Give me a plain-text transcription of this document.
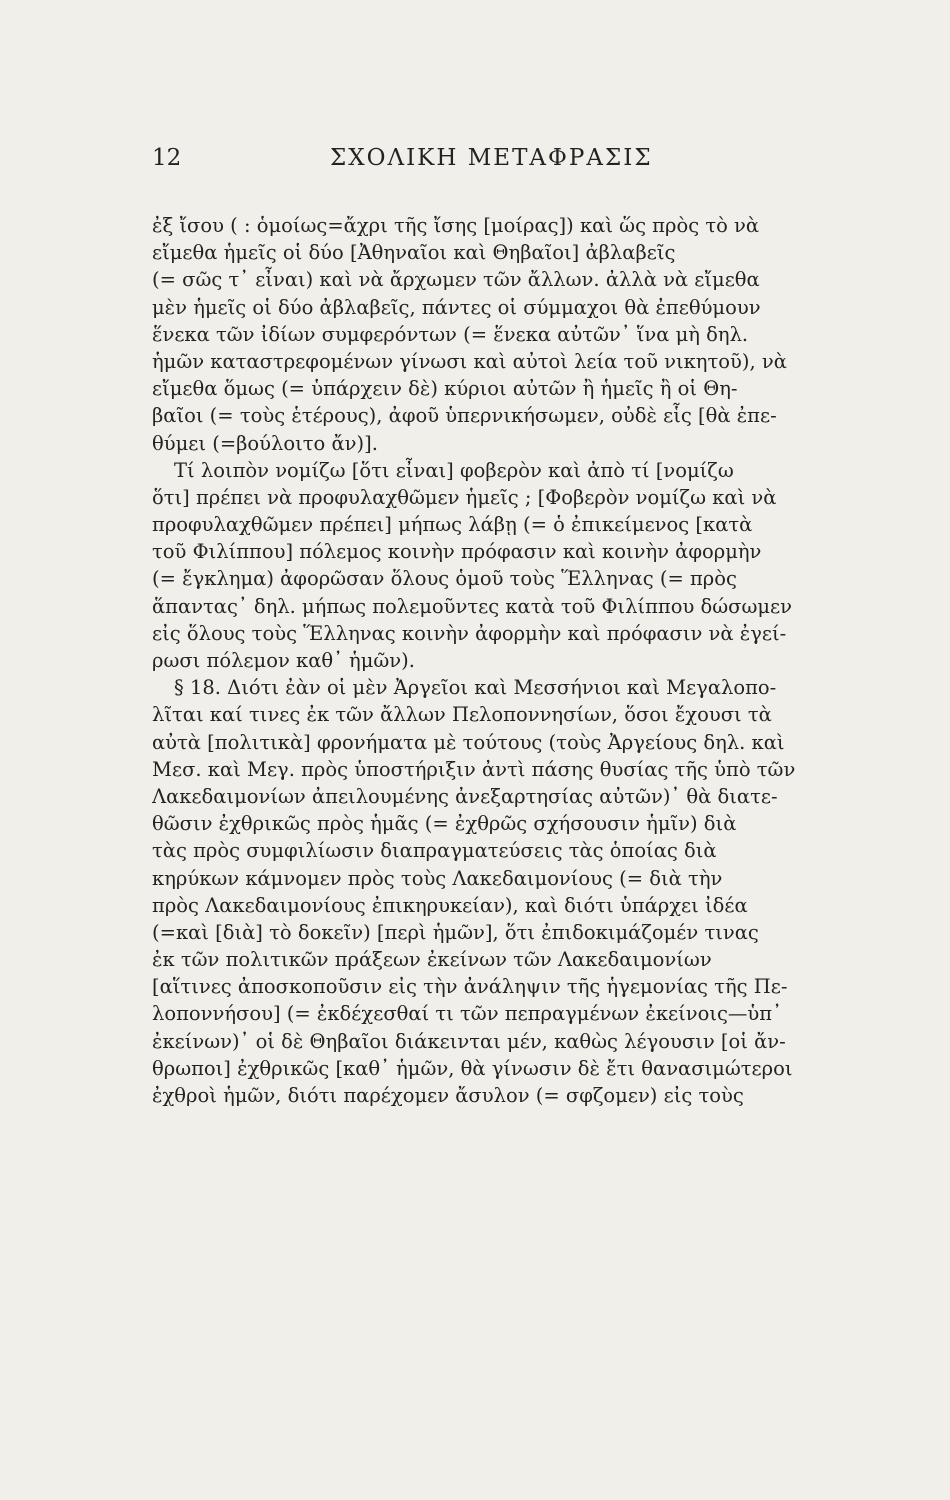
12	ΣΧΟΛΙΚΗ ΜΕΤΑΦΡΑΣΙΣ
ἐξ ἴσου ( : ὁμοίως=ἄχρι τῆς ἴσης [μοίρας]) καὶ ὥς πρὸς τὸ νὰ
εἴμεθα ἡμεῖς οἱ δύο [Ἀθηναῖοι καὶ Θηβαῖοι] ἀβλαβεῖς
(= σῶς τ᾽ εἶναι) καὶ νὰ ἄρχωμεν τῶν ἄλλων. ἀλλὰ νὰ εἴμεθα
μὲν ἡμεῖς οἱ δύο ἀβλαβεῖς, πάντες οἱ σύμμαχοι θὰ ἐπεθύμουν
ἕνεκα τῶν ἰδίων συμφερόντων (= ἕνεκα αὐτῶν᾽ ἵνα μὴ δηλ.
ἡμῶν καταστρεφομένων γίνωσι καὶ αὐτοὶ λεία τοῦ νικητοῦ), νὰ
εἴμεθα ὅμως (= ὑπάρχειν δὲ) κύριοι αὐτῶν ἢ ἡμεῖς ἢ οἱ Θη-
βαῖοι (= τοὺς ἑτέρους), ἀφοῦ ὑπερνικήσωμεν, οὐδὲ εἷς [θὰ ἐπε-
θύμει (=βούλοιτο ἄν)].
Τί λοιπὸν νομίζω [ὅτι εἶναι] φοβερὸν καὶ ἀπὸ τί [νομίζω
ὅτι] πρέπει νὰ προφυλαχθῶμεν ἡμεῖς ; [Φοβερὸν νομίζω καὶ νὰ
προφυλαχθῶμεν πρέπει] μήπως λάβῃ (= ὁ ἐπικείμενος [κατὰ
τοῦ Φιλίππου] πόλεμος κοινὴν πρόφασιν καὶ κοινὴν ἀφορμὴν
(= ἔγκλημα) ἀφορῶσαν ὅλους ὁμοῦ τοὺς Ἕλληνας (= πρὸς
ἅπαντας᾽ δηλ. μήπως πολεμοῦντες κατὰ τοῦ Φιλίππου δώσωμεν
εἰς ὅλους τοὺς Ἕλληνας κοινὴν ἀφορμὴν καὶ πρόφασιν νὰ ἐγεί-
ρωσι πόλεμον καθ᾽ ἡμῶν).
§ 18. Διότι ἐὰν οἱ μὲν Ἀργεῖοι καὶ Μεσσήνιοι καὶ Μεγαλοπο-
λῖται καί τινες ἐκ τῶν ἄλλων Πελοποννησίων, ὅσοι ἔχουσι τὰ
αὐτὰ [πολιτικὰ] φρονήματα μὲ τούτους (τοὺς Ἀργείους δηλ. καὶ
Μεσ. καὶ Μεγ. πρὸς ὑποστήριξιν ἀντὶ πάσης θυσίας τῆς ὑπὸ τῶν
Λακεδαιμονίων ἀπειλουμένης ἀνεξαρτησίας αὐτῶν)᾽ θὰ διατε-
θῶσιν ἐχθρικῶς πρὸς ἡμᾶς (= ἐχθρῶς σχήσουσιν ἡμῖν) διὰ
τὰς πρὸς συμφιλίωσιν διαπραγματεύσεις τὰς ὁποίας διὰ
κηρύκων κάμνομεν πρὸς τοὺς Λακεδαιμονίους (= διὰ τὴν
πρὸς Λακεδαιμονίους ἐπικηρυκείαν), καὶ διότι ὑπάρχει ἰδέα
(=καὶ [διὰ] τὸ δοκεῖν) [περὶ ἡμῶν], ὅτι ἐπιδοκιμάζομέν τινας
ἐκ τῶν πολιτικῶν πράξεων ἐκείνων τῶν Λακεδαιμονίων
[αἵτινες ἀποσκοποῦσιν εἰς τὴν ἀνάληψιν τῆς ἡγεμονίας τῆς Πε-
λοποννήσου] (= ἐκδέχεσθαί τι τῶν πεπραγμένων ἐκείνοις—ὑπ᾽
ἐκείνων)᾽ οἱ δὲ Θηβαῖοι διάκεινται μέν, καθὼς λέγουσιν [οἱ ἄν-
θρωποι] ἐχθρικῶς [καθ᾽ ἡμῶν, θὰ γίνωσιν δὲ ἔτι θανασιμώτεροι
ἐχθροὶ ἡμῶν, διότι παρέχομεν ἄσυλον (= σφζομεν) εἰς τοὺς
